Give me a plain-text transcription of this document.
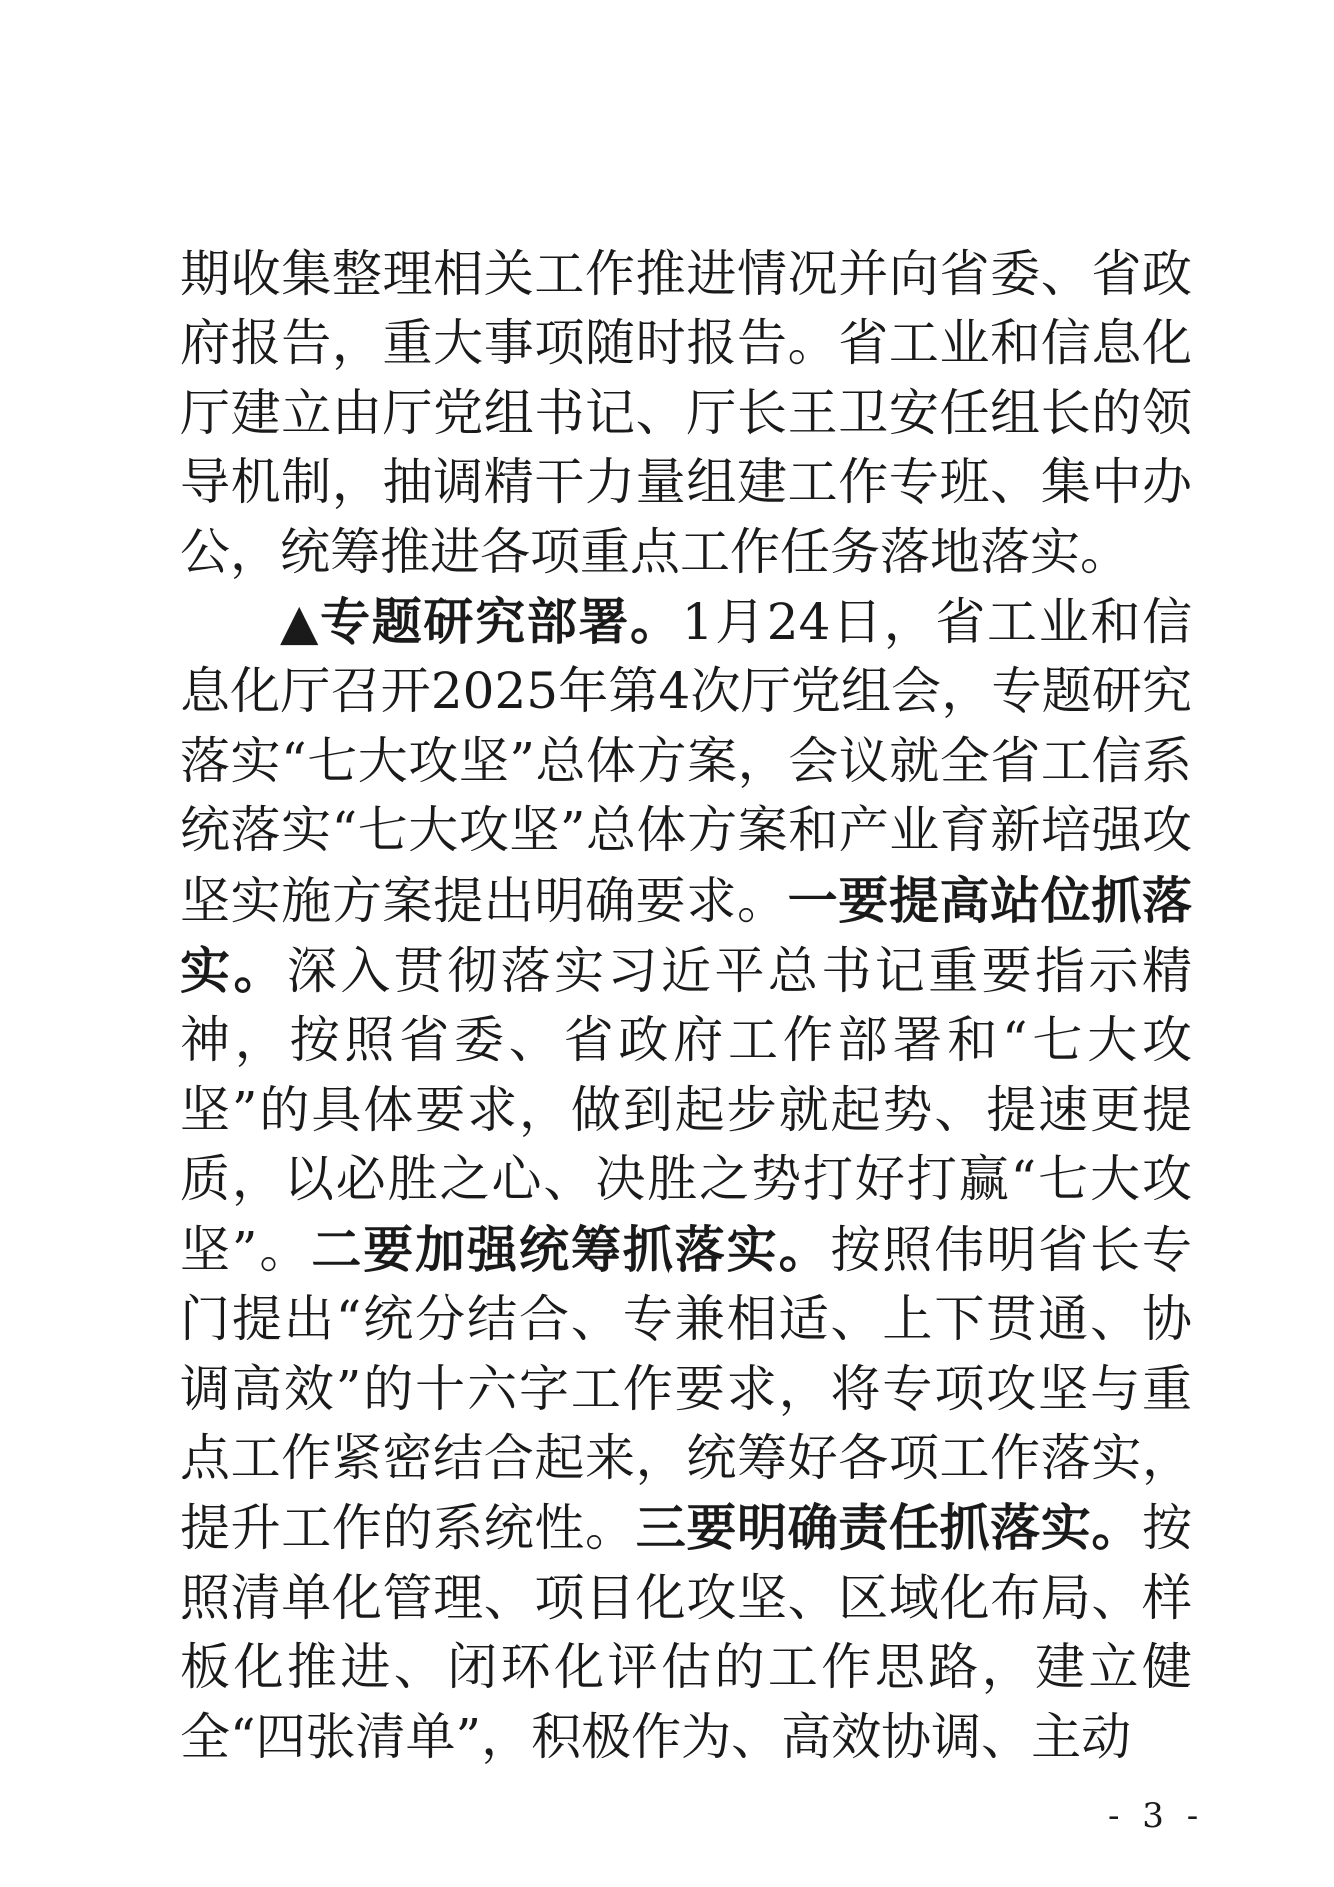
期收集整理相关工作推进情况并向省委、省政府报告，重大事项随时报告。省工业和信息化厅建立由厅党组书记、厅长王卫安任组长的领导机制，抽调精干力量组建工作专班、集中办公，统筹推进各项重点工作任务落地落实。

▲专题研究部署。1月24日，省工业和信息化厅召开2025年第4次厅党组会，专题研究落实“七大攻坚”总体方案，会议就全省工信系统落实“七大攻坚”总体方案和产业育新培强攻坚实施方案提出明确要求。一要提高站位抓落实。深入贯彻落实习近平总书记重要指示精神，按照省委、省政府工作部署和“七大攻坚”的具体要求，做到起步就起势、提速更提质，以必胜之心、决胜之势打好打赢“七大攻坚”。二要加强统筹抓落实。按照伟明省长专门提出“统分结合、专兼相适、上下贯通、协调高效”的十六字工作要求，将专项攻坚与重点工作紧密结合起来，统筹好各项工作落实，提升工作的系统性。三要明确责任抓落实。按照清单化管理、项目化攻坚、区域化布局、样板化推进、闭环化评估的工作思路，建立健全“四张清单”，积极作为、高效协调、主动

- 3 -
